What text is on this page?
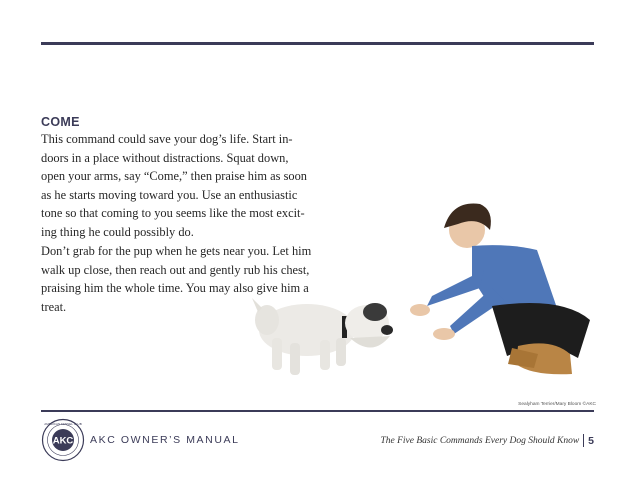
COME

This command could save your dog’s life. Start in-doors in a place without distractions. Squat down, open your arms, say “Come,” then praise him as soon as he starts moving toward you. Use an enthusiastic tone so that coming to you seems like the most excit-ing thing he could possibly do.

Don’t grab for the pup when he gets near you. Let him walk up close, then reach out and gently rub his chest, praising him the whole time. You may also give him a treat.

Sealyham Terrier/Mary Bloom ©AKC
AKC
AMERICAN KENNEL CLUB
AKC OWNER’S MANUAL	The Five Basic Commands Every Dog Should Know 5
